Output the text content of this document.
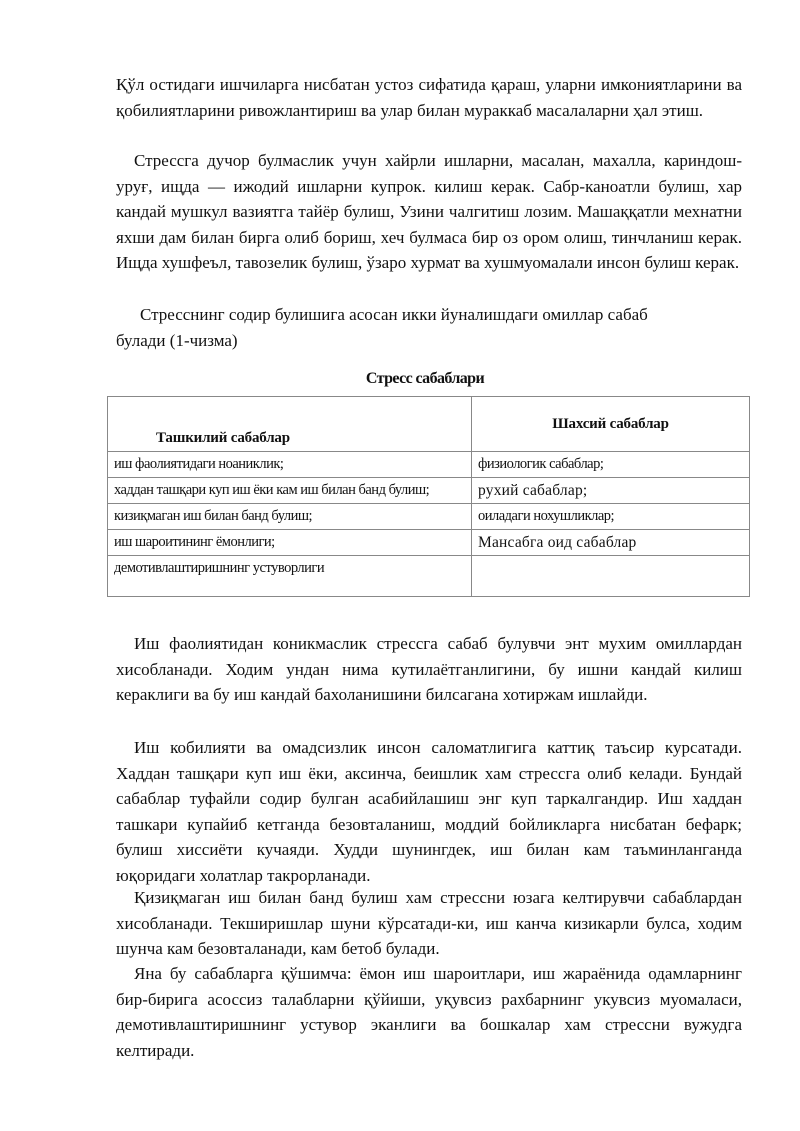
Қўл остидаги ишчиларга нисбатан устоз сифатида қараш, уларни имкониятларини ва қобилиятларини ривожлантириш ва улар билан мураккаб масалаларни ҳал этиш.

Стрессга дучор булмаслик учун хайрли ишларни, масалан, махалла, кариндош-уруғ, ищда — ижодий ишларни купрок. килиш керак. Сабр-каноатли булиш, хар кандай мушкул вазиятга тайёр булиш, Узини чалгитиш лозим. Машаққатли мехнатни яхши дам билан бирга олиб бориш, хеч булмаса бир оз ором олиш, тинчланиш керак. Ищда хушфеъл, тавозелик булиш, ўзаро хурмат ва хушмуомалали инсон булиш керак.

Стресснинг содир булишига асосан икки йуналишдаги омиллар сабаб
булади (1-чизма)
Стресс сабаблари
Ташкилий сабаблар	Шахсий сабаблар
иш фаолиятидаги ноаниклик;	физиологик сабаблар;
хаддан ташқари куп иш ёки кам иш билан банд булиш;	рухий сабаблар;
кизиқмаган иш билан банд булиш;	оиладаги нохушликлар;
иш шароитининг ёмонлиги;	Мансабга оид сабаблар
демотивлаштиришнинг устуворлиги	

Иш фаолиятидан коникмаслик стрессга сабаб булувчи энт мухим омиллардан хисобланади. Ходим ундан нима кутилаётганлигини, бу ишни кандай килиш кераклиги ва бу иш кандай бахоланишини билсагана хотиржам ишлайди.

Иш кобилияти ва омадсизлик инсон саломатлигига каттиқ таъсир курсатади. Хаддан ташқари куп иш ёки, аксинча, беишлик хам стрессга олиб келади. Бундай сабаблар туфайли содир булган асабийлашиш энг куп таркалгандир. Иш хаддан ташкари купайиб кетганда безовталаниш, моддий бойликларга нисбатан бефарк; булиш хиссиёти кучаяди. Худди шунингдек, иш билан кам таъминланганда юқоридаги холатлар такрорланади.

Қизиқмаган иш билан банд булиш хам стрессни юзага келтирувчи сабаблардан хисобланади. Текширишлар шуни кўрсатади-ки, иш канча кизикарли булса, ходим шунча кам безовталанади, кам бетоб булади.

Яна бу сабабларга қўшимча: ёмон иш шароитлари, иш жараёнида одамларнинг бир-бирига асоссиз талабларни қўйиши, уқувсиз рахбарнинг укувсиз муомаласи, демотивлаштиришнинг устувор эканлиги ва бошкалар хам стрессни вужудга келтиради.
